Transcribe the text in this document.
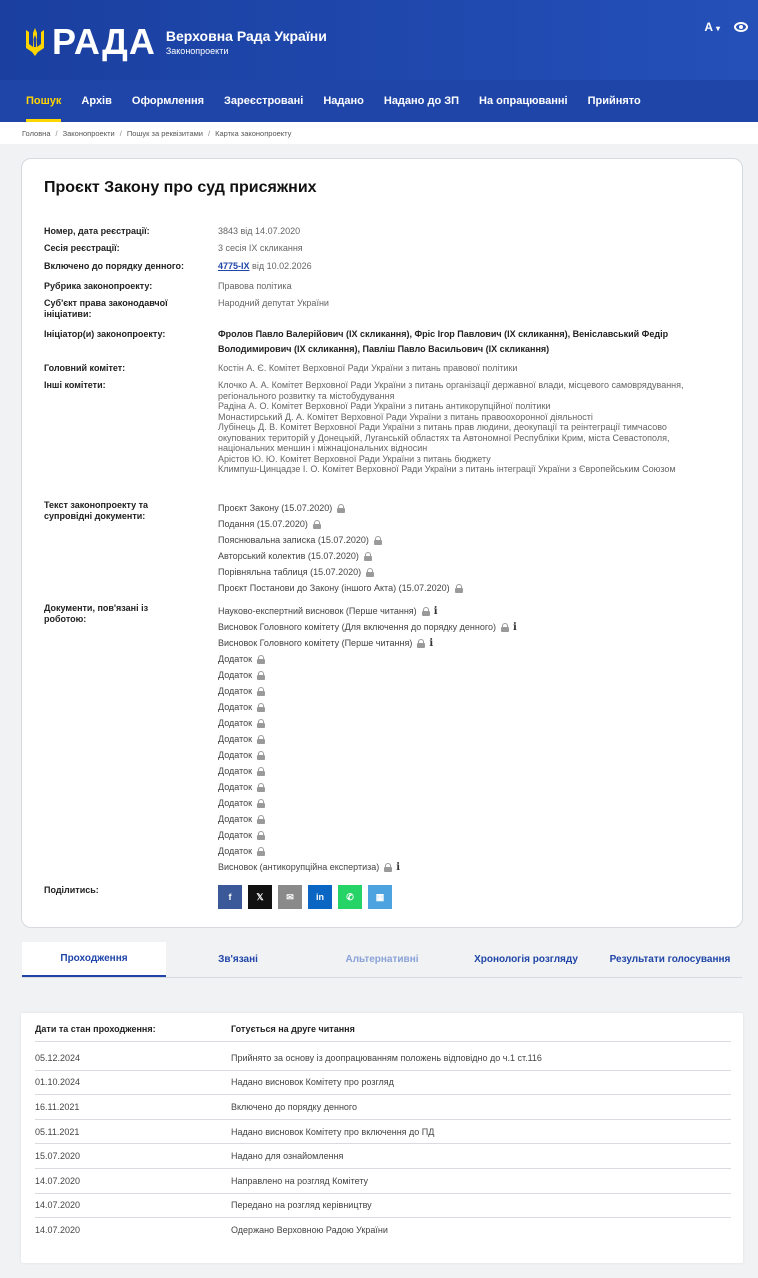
РАДА Верховна Рада України
Законопроекти
A ▾
Пошук	Архів	Оформлення	Зареєстровані	Надано	Надано до ЗП	На опрацюванні	Прийнято
Головна / Законопроекти / Пошук за реквізитами / Картка законопроекту
Проєкт Закону про суд присяжних
Номер, дата реєстрації:	3843 від 14.07.2020
Сесія реєстрації:	3 сесія IX скликання
Включено до порядку денного:	4775-IX від 10.02.2026
Рубрика законопроекту:	Правова політика
Суб'єкт права законодавчої ініціативи:
Народний депутат України
Ініціатор(и) законопроекту:	Фролов Павло Валерійович (IX скликання), Фріс Ігор Павлович (IX скликання), Веніславський Федір Володимирович (IX скликання), Павліш Павло Васильович (IX скликання)
Головний комітет:	Костін А. Є. Комітет Верховної Ради України з питань правової політики
Інші комітети:	Клочко А. А. Комітет Верховної Ради України з питань організації державної влади, місцевого самоврядування, регіонального розвитку та містобудування
Радіна А. О. Комітет Верховної Ради України з питань антикорупційної політики
Монастирський Д. А. Комітет Верховної Ради України з питань правоохоронної діяльності
Лубінець Д. В. Комітет Верховної Ради України з питань прав людини, деокупації та реінтеграції тимчасово окупованих територій у Донецькій, Луганській областях та Автономної Республіки Крим, міста Севастополя, національних меншин і міжнаціональних відносин
Арістов Ю. Ю. Комітет Верховної Ради України з питань бюджету
Климпуш-Цинцадзе І. О. Комітет Верховної Ради України з питань інтеграції України з Європейським Союзом
Текст законопроекту та супровідні документи:
Проєкт Закону (15.07.2020)
Подання (15.07.2020)
Пояснювальна записка (15.07.2020)
Авторський колектив (15.07.2020)
Порівняльна таблиця (15.07.2020)
Проєкт Постанови до Закону (іншого Акта) (15.07.2020)
Документи, пов'язані із роботою:
Науково-експертний висновок (Перше читання) i
Висновок Головного комітету (Для включення до порядку денного) i
Висновок Головного комітету (Перше читання) i
Додаток
Додаток
Додаток
Додаток
Додаток
Додаток
Додаток
Додаток
Додаток
Додаток
Додаток
Додаток
Додаток
Висновок (антикорупційна експертиза) i
Поділитись:
f	𝕏	✉ in ✆ ▦
Проходження	Зв'язані	Альтернативні	Хронологія розгляду	Результати голосування
Дати та стан проходження:	Готується на друге читання
05.12.2024	Прийнято за основу із доопрацюванням положень відповідно до ч.1 ст.116
01.10.2024	Надано висновок Комітету про розгляд
16.11.2021	Включено до порядку денного
05.11.2021	Надано висновок Комітету про включення до ПД
15.07.2020	Надано для ознайомлення
14.07.2020	Направлено на розгляд Комітету
14.07.2020	Передано на розгляд керівництву
14.07.2020	Одержано Верховною Радою України
